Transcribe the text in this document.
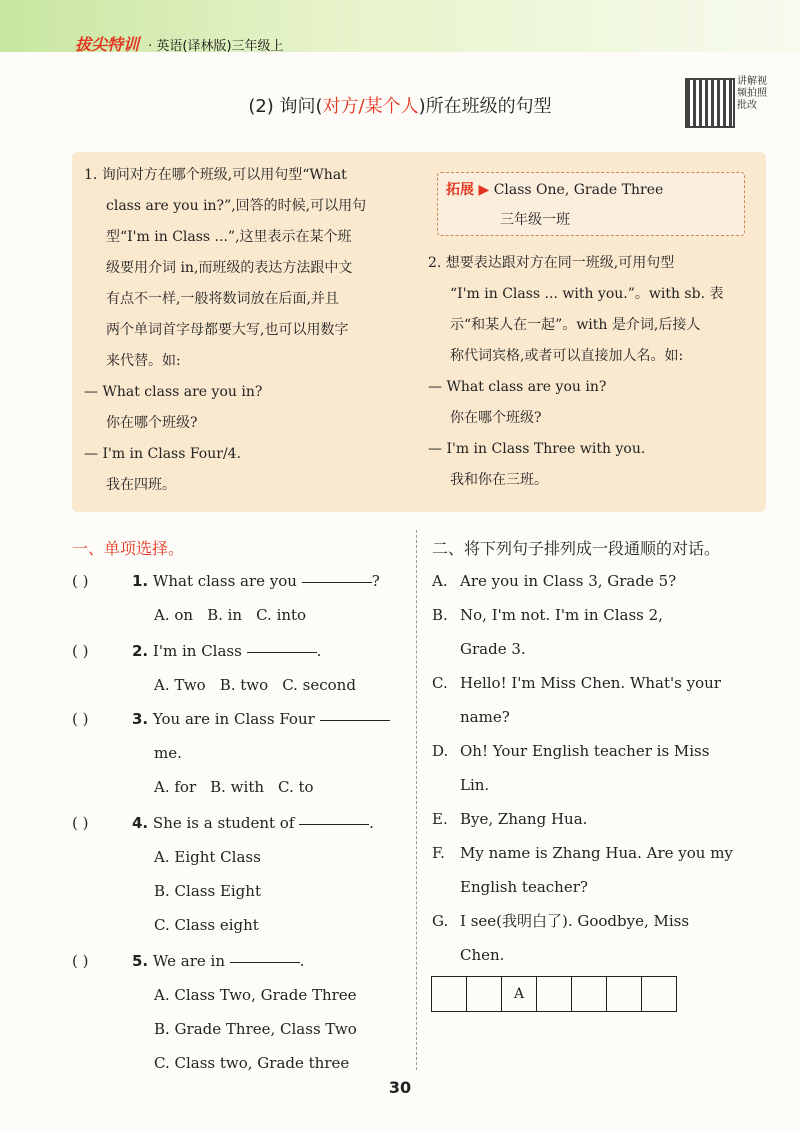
拔尖特训 · 英语(译林版)三年级上
(2) 询问(对方/某个人)所在班级的句型
讲解视频拍照批改

1. 询问对方在哪个班级,可以用句型“What

class are you in?”,回答的时候,可以用句

型“I'm in Class ...”,这里表示在某个班

级要用介词 in,而班级的表达方法跟中文

有点不一样,一般将数词放在后面,并且

两个单词首字母都要大写,也可以用数字

来代替。如:

— What class are you in?

你在哪个班级?

— I'm in Class Four/4.

我在四班。

拓展 ▶ Class One, Grade Three
三年级一班

2. 想要表达跟对方在同一班级,可用句型

“I'm in Class ... with you.”。with sb. 表

示“和某人在一起”。with 是介词,后接人

称代词宾格,或者可以直接加人名。如:

— What class are you in?

你在哪个班级?

— I'm in Class Three with you.

我和你在三班。

一、单项选择。	二、将下列句子排列成一段通顺的对话。
( )	1. What class are you	?
A. on B. in C. into
( )	2. I'm in Class	.
A. Two B. two C. second
( )	3. You are in Class Four
me.
A. for B. with C. to
( )	4. She is a student of	.
A. Eight Class
B. Class Eight
C. Class eight
( )	5. We are in	.
A. Class Two, Grade Three
B. Grade Three, Class Two
C. Class two, Grade three
A. Are you in Class 3, Grade 5?
B. No, I'm not. I'm in Class 2,
Grade 3.
C. Hello! I'm Miss Chen. What's your
name?
D. Oh! Your English teacher is Miss
Lin.
E. Bye, Zhang Hua.
F. My name is Zhang Hua. Are you my
English teacher?
G. I see(我明白了). Goodbye, Miss
Chen.
A
30
